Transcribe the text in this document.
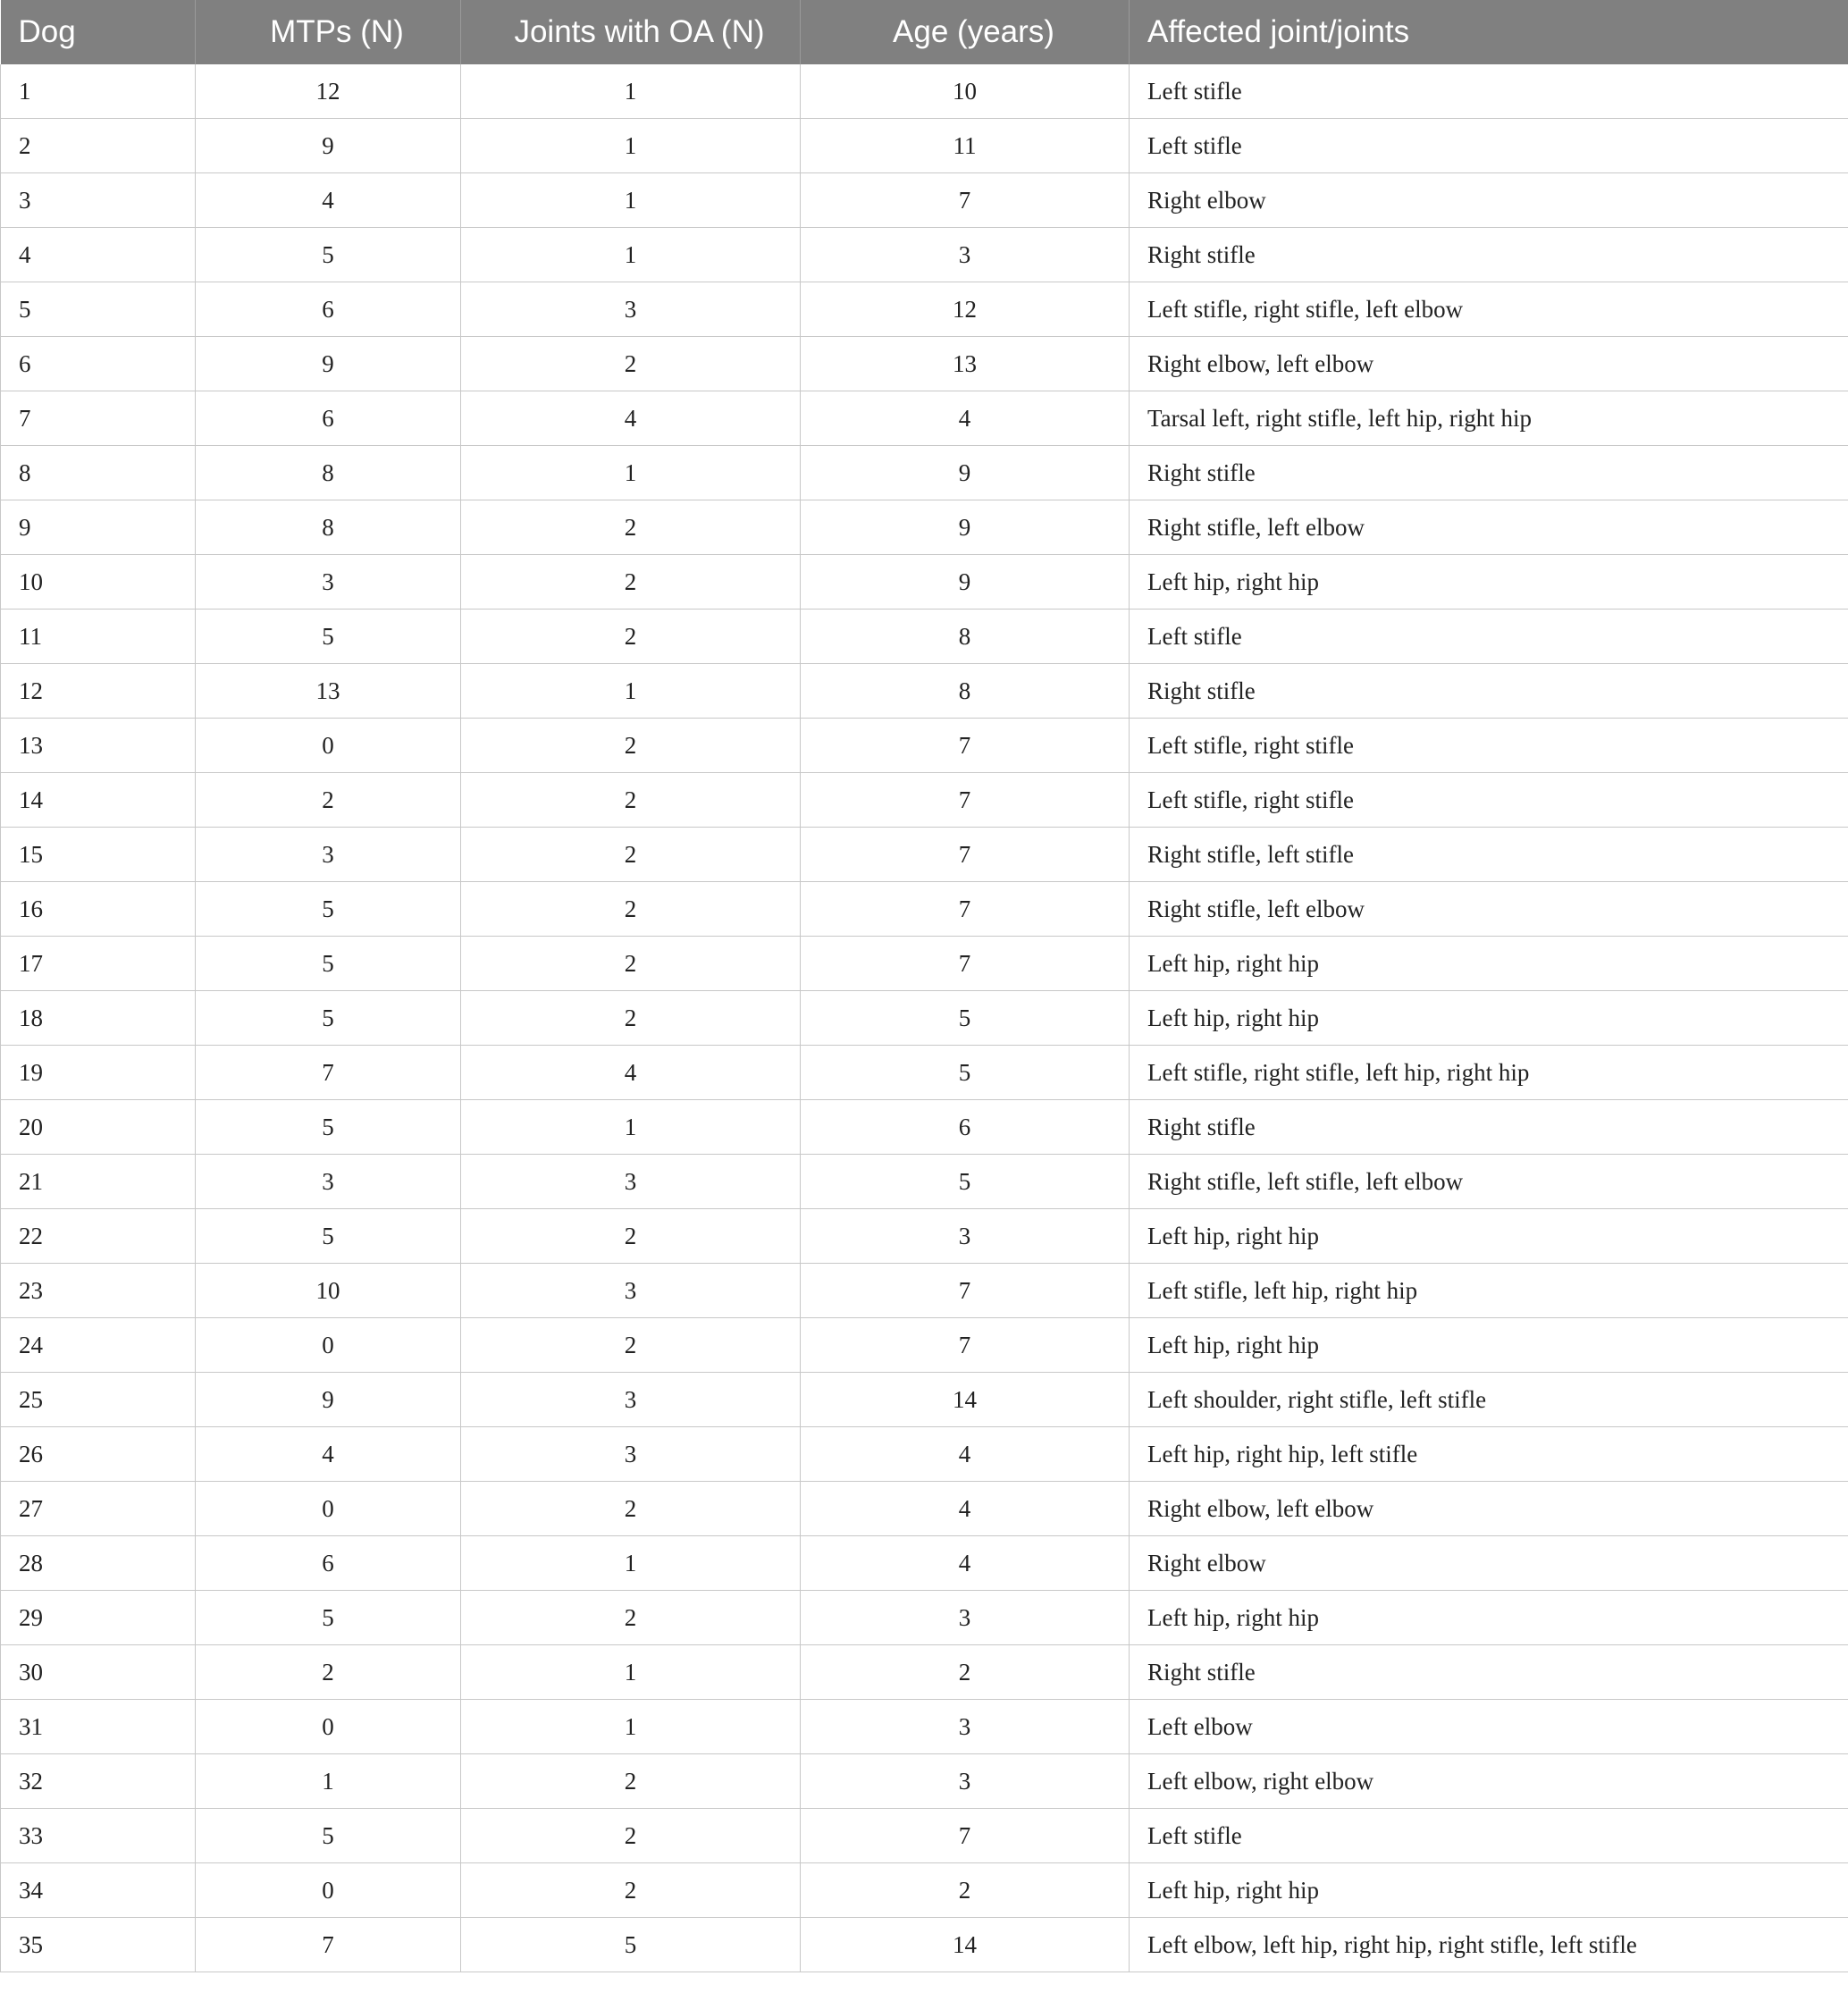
Dog	MTPs (N)	Joints with OA (N)	Age (years)	Affected joint/joints
1	12	1	10	Left stifle
2	9	1	11	Left stifle
3	4	1	7	Right elbow
4	5	1	3	Right stifle
5	6	3	12	Left stifle, right stifle, left elbow
6	9	2	13	Right elbow, left elbow
7	6	4	4	Tarsal left, right stifle, left hip, right hip
8	8	1	9	Right stifle
9	8	2	9	Right stifle, left elbow
10	3	2	9	Left hip, right hip
11	5	2	8	Left stifle
12	13	1	8	Right stifle
13	0	2	7	Left stifle, right stifle
14	2	2	7	Left stifle, right stifle
15	3	2	7	Right stifle, left stifle
16	5	2	7	Right stifle, left elbow
17	5	2	7	Left hip, right hip
18	5	2	5	Left hip, right hip
19	7	4	5	Left stifle, right stifle, left hip, right hip
20	5	1	6	Right stifle
21	3	3	5	Right stifle, left stifle, left elbow
22	5	2	3	Left hip, right hip
23	10	3	7	Left stifle, left hip, right hip
24	0	2	7	Left hip, right hip
25	9	3	14	Left shoulder, right stifle, left stifle
26	4	3	4	Left hip, right hip, left stifle
27	0	2	4	Right elbow, left elbow
28	6	1	4	Right elbow
29	5	2	3	Left hip, right hip
30	2	1	2	Right stifle
31	0	1	3	Left elbow
32	1	2	3	Left elbow, right elbow
33	5	2	7	Left stifle
34	0	2	2	Left hip, right hip
35	7	5	14	Left elbow, left hip, right hip, right stifle, left stifle
